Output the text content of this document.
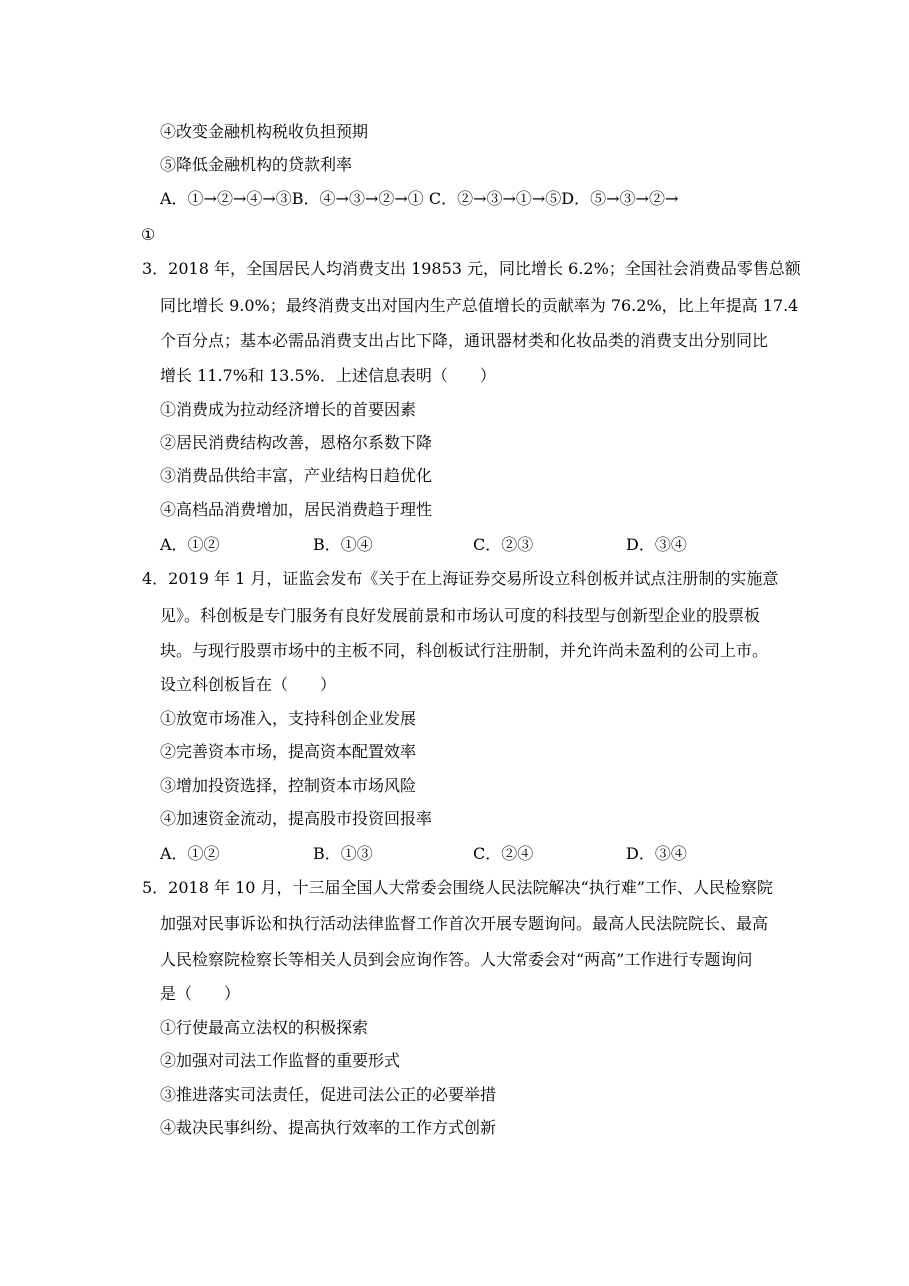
④改变金融机构税收负担预期
⑤降低金融机构的贷款利率
A．①→②→④→③B．④→③→②→① C．②→③→①→⑤D．⑤→③→②→
①
3．2018 年，全国居民人均消费支出 19853 元，同比增长 6.2%；全国社会消费品零售总额
同比增长 9.0%；最终消费支出对国内生产总值增长的贡献率为 76.2%，比上年提高 17.4
个百分点；基本必需品消费支出占比下降，通讯器材类和化妆品类的消费支出分别同比
增长 11.7%和 13.5%．上述信息表明（　　）
①消费成为拉动经济增长的首要因素
②居民消费结构改善，恩格尔系数下降
③消费品供给丰富，产业结构日趋优化
④高档品消费增加，居民消费趋于理性
A．①②	B．①④	C．②③	D．③④
4．2019 年 1 月，证监会发布《关于在上海证券交易所设立科创板并试点注册制的实施意
见》。科创板是专门服务有良好发展前景和市场认可度的科技型与创新型企业的股票板
块。与现行股票市场中的主板不同，科创板试行注册制，并允许尚未盈利的公司上市。
设立科创板旨在（　　）
①放宽市场准入，支持科创企业发展
②完善资本市场，提高资本配置效率
③增加投资选择，控制资本市场风险
④加速资金流动，提高股市投资回报率
A．①②	B．①③	C．②④	D．③④
5．2018 年 10 月，十三届全国人大常委会围绕人民法院解决“执行难”工作、人民检察院
加强对民事诉讼和执行活动法律监督工作首次开展专题询问。最高人民法院院长、最高
人民检察院检察长等相关人员到会应询作答。人大常委会对“两高”工作进行专题询问
是（　　）
①行使最高立法权的积极探索
②加强对司法工作监督的重要形式
③推进落实司法责任，促进司法公正的必要举措
④裁决民事纠纷、提高执行效率的工作方式创新
